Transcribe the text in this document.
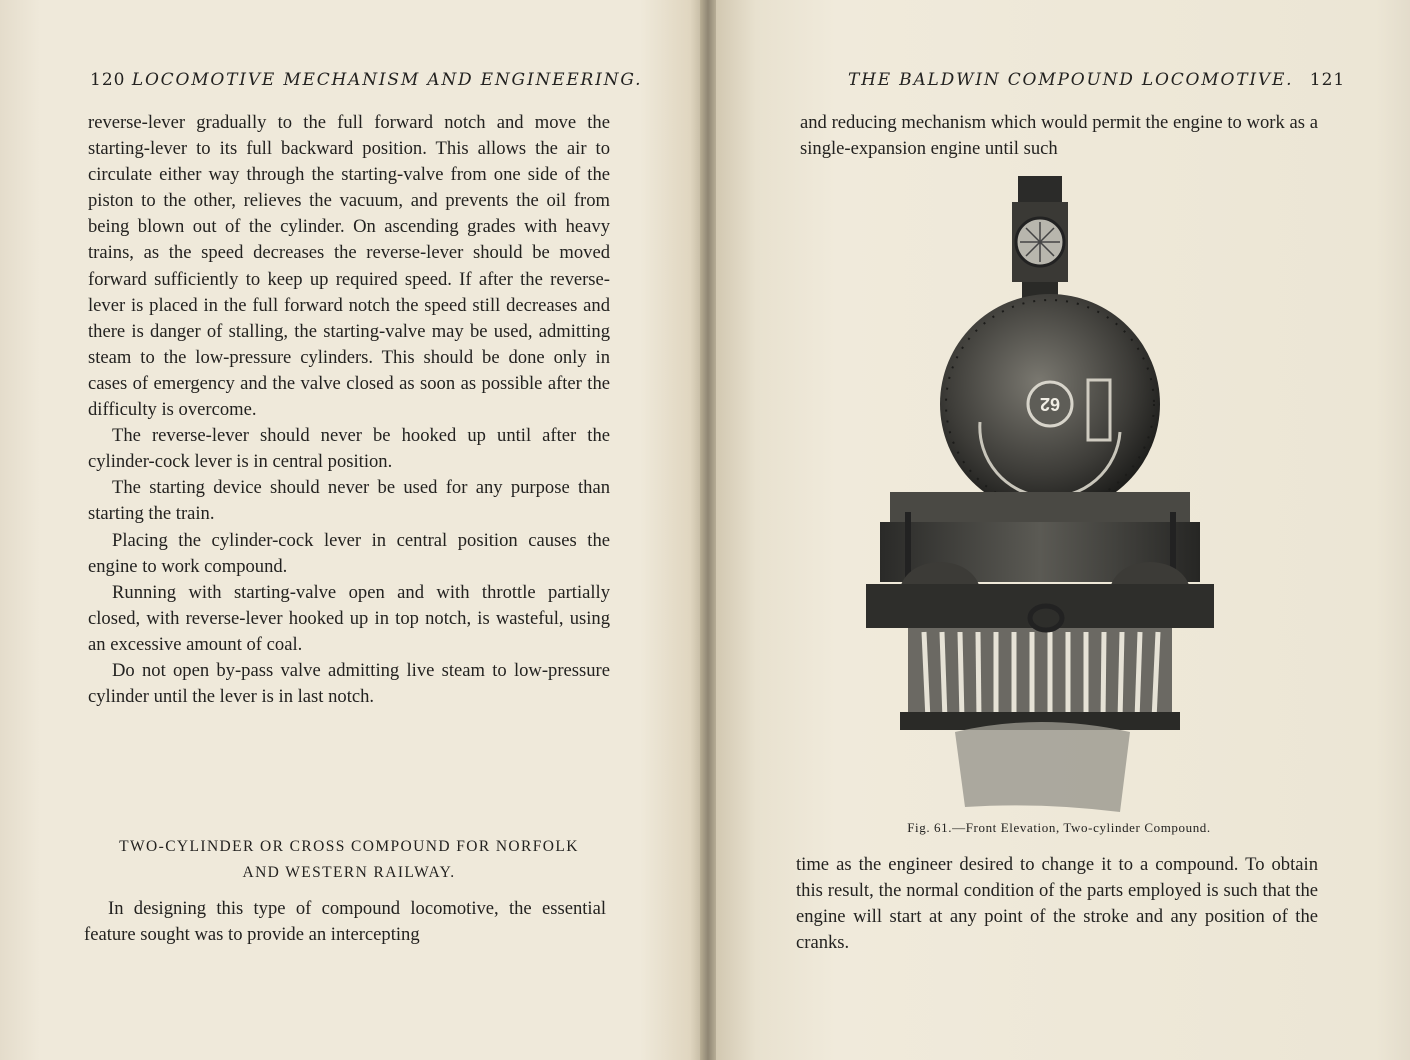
120 LOCOMOTIVE MECHANISM AND ENGINEERING.

reverse-lever gradually to the full forward notch and move the starting-lever to its full backward position. This allows the air to circulate either way through the starting-valve from one side of the piston to the other, relieves the vacuum, and prevents the oil from being blown out of the cylinder. On ascending grades with heavy trains, as the speed decreases the reverse-lever should be moved forward sufficiently to keep up required speed. If after the reverse-lever is placed in the full forward notch the speed still decreases and there is danger of stalling, the starting-valve may be used, admitting steam to the low-pressure cylinders. This should be done only in cases of emergency and the valve closed as soon as possible after the difficulty is overcome.

The reverse-lever should never be hooked up until after the cylinder-cock lever is in central position.

The starting device should never be used for any purpose than starting the train.

Placing the cylinder-cock lever in central position causes the engine to work compound.

Running with starting-valve open and with throttle partially closed, with reverse-lever hooked up in top notch, is wasteful, using an excessive amount of coal.

Do not open by-pass valve admitting live steam to low-pressure cylinder until the lever is in last notch.

TWO-CYLINDER OR CROSS COMPOUND FOR NORFOLK
AND WESTERN RAILWAY.

In designing this type of compound locomotive, the essential feature sought was to provide an intercepting

THE BALDWIN COMPOUND LOCOMOTIVE. 121

and reducing mechanism which would permit the engine to work as a single-expansion engine until such

62
Fig. 61.—Front Elevation, Two-cylinder Compound.

time as the engineer desired to change it to a compound. To obtain this result, the normal condition of the parts employed is such that the engine will start at any point of the stroke and any position of the cranks.
